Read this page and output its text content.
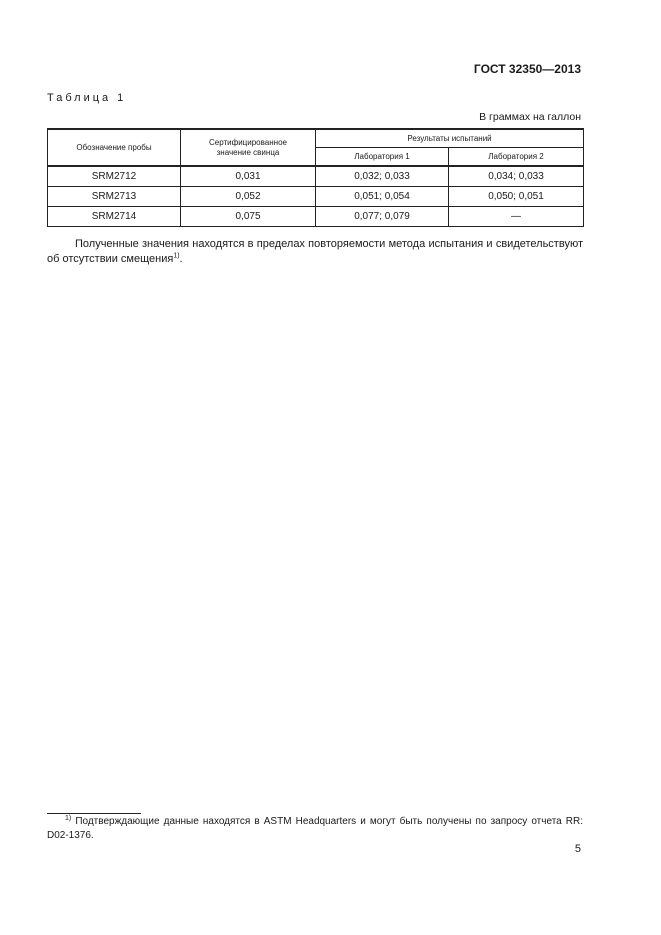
ГОСТ 32350—2013
Таблица 1
В граммах на галлон
Обозначение пробы	Сертифицированное значение свинца	Результаты испытаний	
		Лаборатория 1	Лаборатория 2
SRM2712	0,031	0,032; 0,033	0,034; 0,033
SRM2713	0,052	0,051; 0,054	0,050; 0,051
SRM2714	0,075	0,077; 0,079	—
Полученные значения находятся в пределах повторяемости метода испытания и свидетельствуют об отсутствии смещения$^{1)}$.
$^{1)}$ Подтверждающие данные находятся в ASTM Headquarters и могут быть получены по запросу отчета RR: D02-1376.
5
